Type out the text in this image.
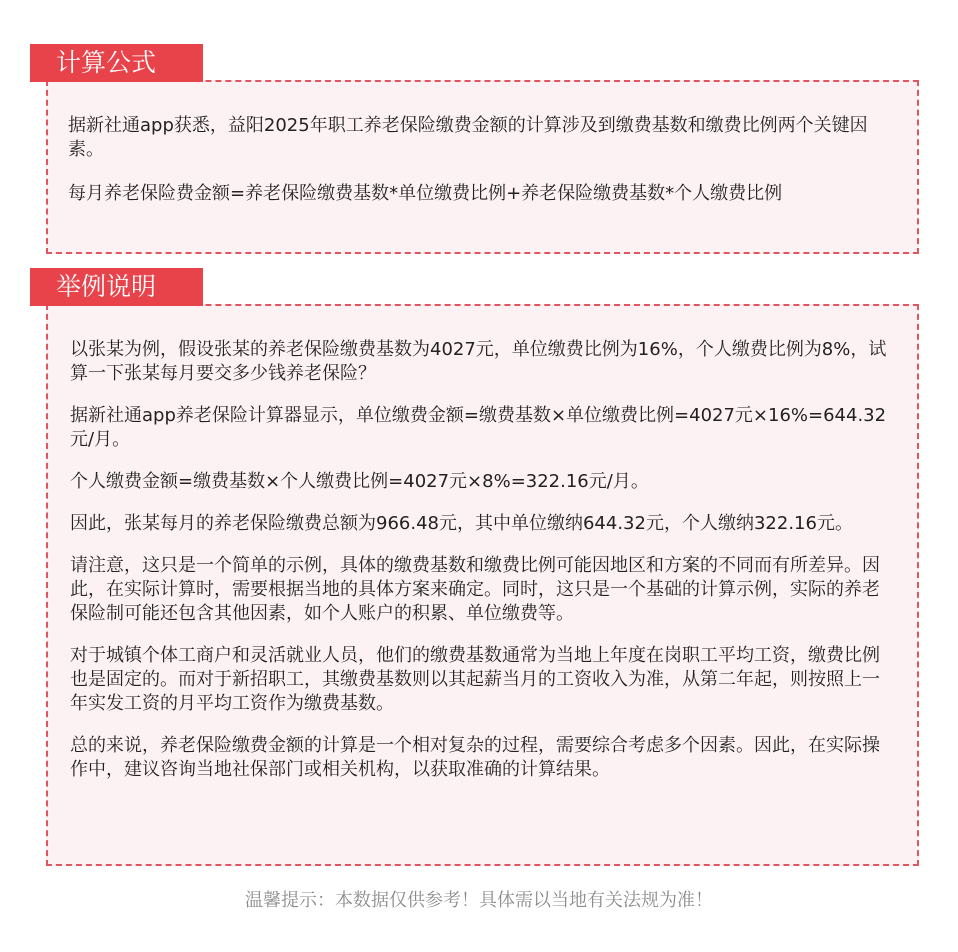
计算公式

据新社通app获悉，益阳2025年职工养老保险缴费金额的计算涉及到缴费基数和缴费比例两个关键因素。

每月养老保险费金额=养老保险缴费基数*单位缴费比例+养老保险缴费基数*个人缴费比例

举例说明

以张某为例，假设张某的养老保险缴费基数为4027元，单位缴费比例为16%，个人缴费比例为8%，试算一下张某每月要交多少钱养老保险？

据新社通app养老保险计算器显示，单位缴费金额=缴费基数×单位缴费比例=4027元×16%=644.32元/月。

个人缴费金额=缴费基数×个人缴费比例=4027元×8%=322.16元/月。

因此，张某每月的养老保险缴费总额为966.48元，其中单位缴纳644.32元，个人缴纳322.16元。

请注意，这只是一个简单的示例，具体的缴费基数和缴费比例可能因地区和方案的不同而有所差异。因此，在实际计算时，需要根据当地的具体方案来确定。同时，这只是一个基础的计算示例，实际的养老保险制可能还包含其他因素，如个人账户的积累、单位缴费等。

对于城镇个体工商户和灵活就业人员，他们的缴费基数通常为当地上年度在岗职工平均工资，缴费比例也是固定的。而对于新招职工，其缴费基数则以其起薪当月的工资收入为准，从第二年起，则按照上一年实发工资的月平均工资作为缴费基数。

总的来说，养老保险缴费金额的计算是一个相对复杂的过程，需要综合考虑多个因素。因此，在实际操作中，建议咨询当地社保部门或相关机构，以获取准确的计算结果。

温馨提示：本数据仅供参考！具体需以当地有关法规为准！
